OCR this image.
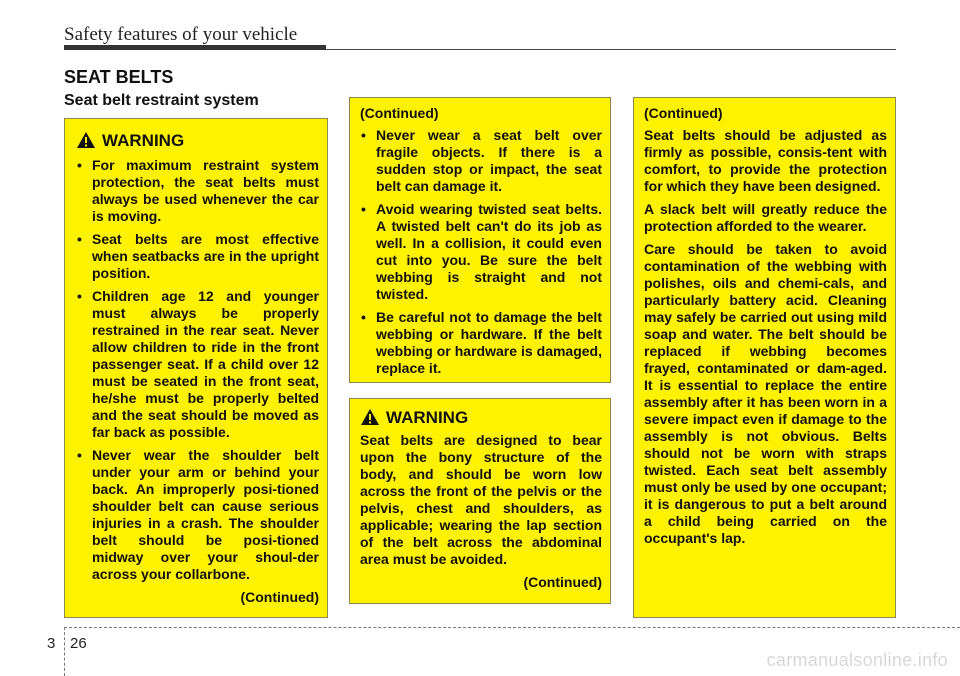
Safety features of your vehicle
SEAT BELTS
Seat belt restraint system
WARNING
• For maximum restraint system protection, the seat belts must always be used whenever the car is moving.
• Seat belts are most effective when seatbacks are in the upright position.
• Children age 12 and younger must always be properly restrained in the rear seat. Never allow children to ride in the front passenger seat. If a child over 12 must be seated in the front seat, he/she must be properly belted and the seat should be moved as far back as possible.
• Never wear the shoulder belt under your arm or behind your back. An improperly posi-tioned shoulder belt can cause serious injuries in a crash. The shoulder belt should be posi-tioned midway over your shoul-der across your collarbone.
(Continued)
(Continued)
• Never wear a seat belt over fragile objects. If there is a sudden stop or impact, the seat belt can damage it.
• Avoid wearing twisted seat belts. A twisted belt can't do its job as well. In a collision, it could even cut into you. Be sure the belt webbing is straight and not twisted.
• Be careful not to damage the belt webbing or hardware. If the belt webbing or hardware is damaged, replace it.
WARNING

Seat belts are designed to bear upon the bony structure of the body, and should be worn low across the front of the pelvis or the pelvis, chest and shoulders, as applicable; wearing the lap section of the belt across the abdominal area must be avoided.

(Continued)
(Continued)

Seat belts should be adjusted as firmly as possible, consis-tent with comfort, to provide the protection for which they have been designed.

A slack belt will greatly reduce the protection afforded to the wearer.

Care should be taken to avoid contamination of the webbing with polishes, oils and chemi-cals, and particularly battery acid. Cleaning may safely be carried out using mild soap and water. The belt should be replaced if webbing becomes frayed, contaminated or dam-aged. It is essential to replace the entire assembly after it has been worn in a severe impact even if damage to the assembly is not obvious. Belts should not be worn with straps twisted. Each seat belt assembly must only be used by one occupant; it is dangerous to put a belt around a child being carried on the occupant's lap.

3 26
carmanualsonline.info
